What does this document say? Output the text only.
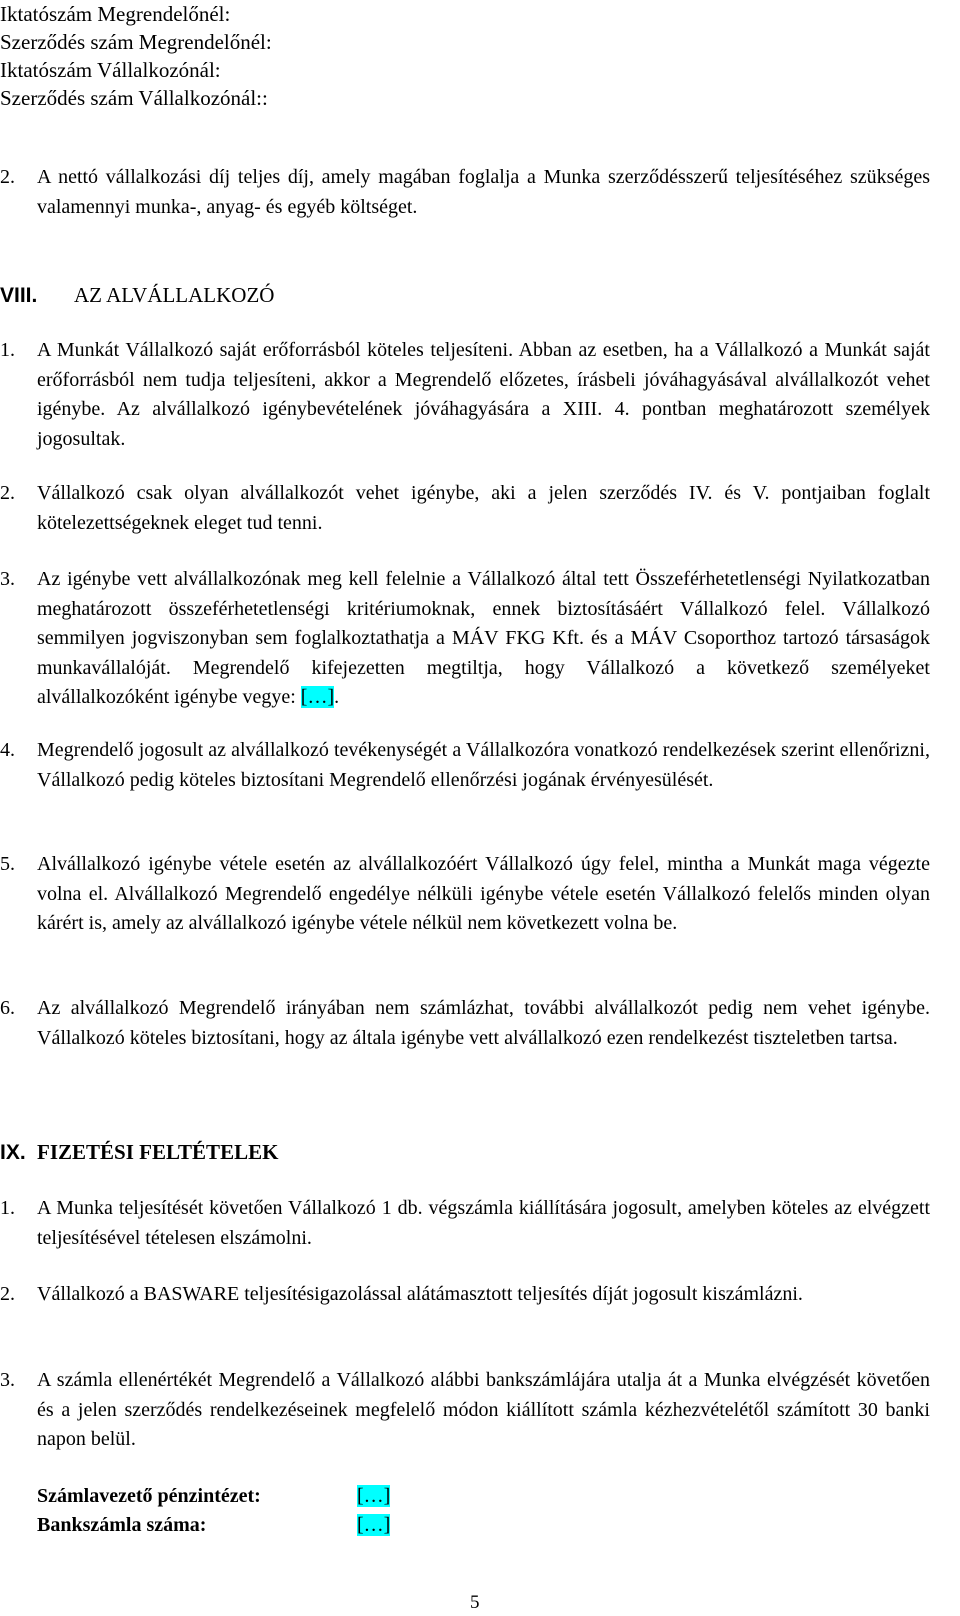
Iktatószám Megrendelőnél:
Szerződés szám Megrendelőnél:
Iktatószám Vállalkozónál:
Szerződés szám Vállalkozónál::
2. A nettó vállalkozási díj teljes díj, amely magában foglalja a Munka szerződésszerű teljesítéséhez szükséges valamennyi munka-, anyag- és egyéb költséget.
VIII. AZ ALVÁLLALKOZÓ
1. A Munkát Vállalkozó saját erőforrásból köteles teljesíteni. Abban az esetben, ha a Vállalkozó a Munkát saját erőforrásból nem tudja teljesíteni, akkor a Megrendelő előzetes, írásbeli jóváhagyásával alvállalkozót vehet igénybe. Az alvállalkozó igénybevételének jóváhagyására a XIII. 4. pontban meghatározott személyek jogosultak.
2. Vállalkozó csak olyan alvállalkozót vehet igénybe, aki a jelen szerződés IV. és V. pontjaiban foglalt kötelezettségeknek eleget tud tenni.
3. Az igénybe vett alvállalkozónak meg kell felelnie a Vállalkozó által tett Összeférhetetlenségi Nyilatkozatban meghatározott összeférhetetlenségi kritériumoknak, ennek biztosításáért Vállalkozó felel. Vállalkozó semmilyen jogviszonyban sem foglalkoztathatja a MÁV FKG Kft. és a MÁV Csoporthoz tartozó társaságok munkavállalóját. Megrendelő kifejezetten megtiltja, hogy Vállalkozó a következő személyeket alvállalkozóként igénybe vegye: […].
4. Megrendelő jogosult az alvállalkozó tevékenységét a Vállalkozóra vonatkozó rendelkezések szerint ellenőrizni, Vállalkozó pedig köteles biztosítani Megrendelő ellenőrzési jogának érvényesülését.
5. Alvállalkozó igénybe vétele esetén az alvállalkozóért Vállalkozó úgy felel, mintha a Munkát maga végezte volna el. Alvállalkozó Megrendelő engedélye nélküli igénybe vétele esetén Vállalkozó felelős minden olyan kárért is, amely az alvállalkozó igénybe vétele nélkül nem következett volna be.
6. Az alvállalkozó Megrendelő irányában nem számlázhat, további alvállalkozót pedig nem vehet igénybe. Vállalkozó köteles biztosítani, hogy az általa igénybe vett alvállalkozó ezen rendelkezést tiszteletben tartsa.
IX. FIZETÉSI FELTÉTELEK
1. A Munka teljesítését követően Vállalkozó 1 db. végszámla kiállítására jogosult, amelyben köteles az elvégzett teljesítésével tételesen elszámolni.
2. Vállalkozó a BASWARE teljesítésigazolással alátámasztott teljesítés díját jogosult kiszámlázni.
3. A számla ellenértékét Megrendelő a Vállalkozó alábbi bankszámlájára utalja át a Munka elvégzését követően és a jelen szerződés rendelkezéseinek megfelelő módon kiállított számla kézhezvételétől számított 30 banki napon belül.
Számlavezető pénzintézet:	[…]
Bankszámla száma:	[…]
5
